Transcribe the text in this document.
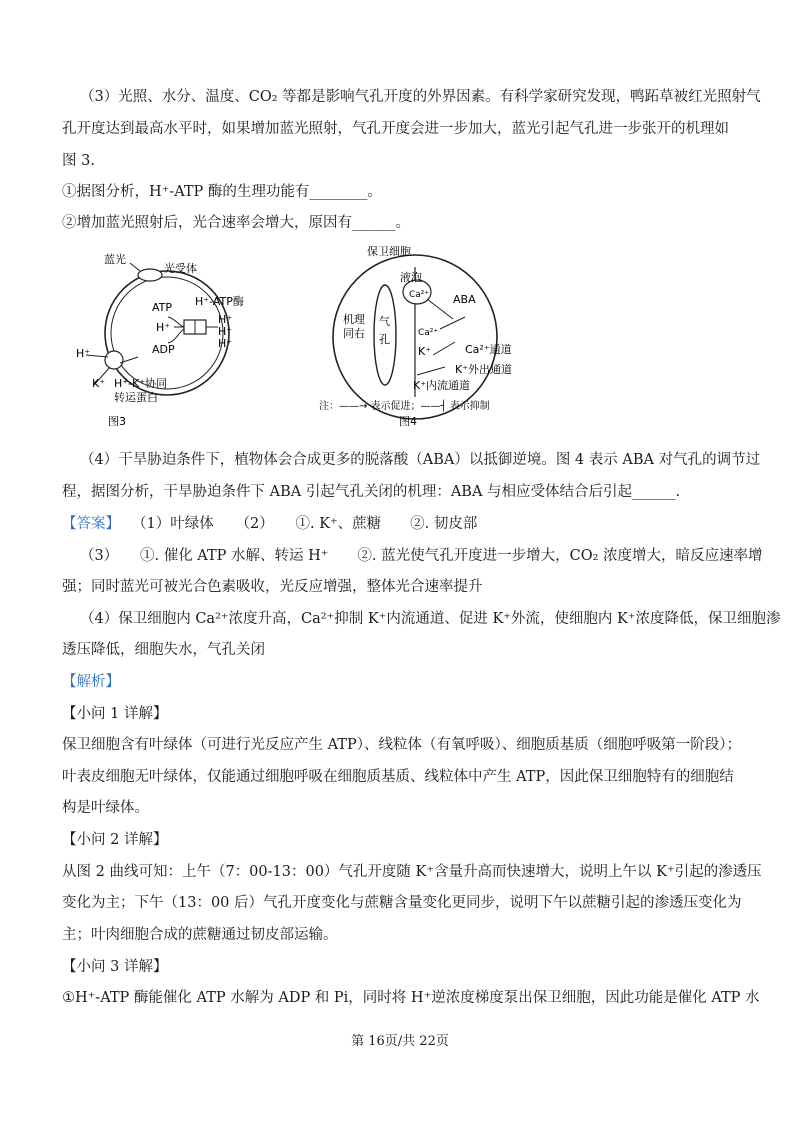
（3）光照、水分、温度、CO₂ 等都是影响气孔开度的外界因素。有科学家研究发现，鸭跖草被红光照射气
孔开度达到最高水平时，如果增加蓝光照射，气孔开度会进一步加大，蓝光引起气孔进一步张开的机理如
图 3.
①据图分析，H⁺-ATP 酶的生理功能有________。
②增加蓝光照射后，光合速率会增大，原因有______。
蓝光
光受体
ATP H⁺-ATP酶
H⁺
ADP
H⁺
H⁺
H⁺
H⁺
K⁺ H⁺-K⁺协同
转运蛋白
图3
保卫细胞
液泡
Ca²⁺ ABA
机理
同右
气
孔	Ca²⁺
K⁺	Ca²⁺通道
K⁺外出通道
K⁺内流通道
注：——→ 表示促进；——┤ 表示抑制
图4
（4）干旱胁迫条件下，植物体会合成更多的脱落酸（ABA）以抵御逆境。图 4 表示 ABA 对气孔的调节过
程，据图分析，干旱胁迫条件下 ABA 引起气孔关闭的机理：ABA 与相应受体结合后引起______.
【答案】 （1）叶绿体　　（2）　　①. K⁺、蔗糖　　②. 韧皮部
（3）　　①. 催化 ATP 水解、转运 H⁺　　②. 蓝光使气孔开度进一步增大，CO₂ 浓度增大，暗反应速率增
强；同时蓝光可被光合色素吸收，光反应增强，整体光合速率提升
（4）保卫细胞内 Ca²⁺浓度升高，Ca²⁺抑制 K⁺内流通道、促进 K⁺外流，使细胞内 K⁺浓度降低，保卫细胞渗
透压降低，细胞失水，气孔关闭
【解析】
【小问 1 详解】
保卫细胞含有叶绿体（可进行光反应产生 ATP）、线粒体（有氧呼吸）、细胞质基质（细胞呼吸第一阶段）；
叶表皮细胞无叶绿体，仅能通过细胞呼吸在细胞质基质、线粒体中产生 ATP，因此保卫细胞特有的细胞结
构是叶绿体。
【小问 2 详解】
从图 2 曲线可知：上午（7：00-13：00）气孔开度随 K⁺含量升高而快速增大，说明上午以 K⁺引起的渗透压
变化为主；下午（13：00 后）气孔开度变化与蔗糖含量变化更同步，说明下午以蔗糖引起的渗透压变化为
主；叶肉细胞合成的蔗糖通过韧皮部运输。
【小问 3 详解】
①H⁺-ATP 酶能催化 ATP 水解为 ADP 和 Pi，同时将 H⁺逆浓度梯度泵出保卫细胞，因此功能是催化 ATP 水
第 16页/共 22页
